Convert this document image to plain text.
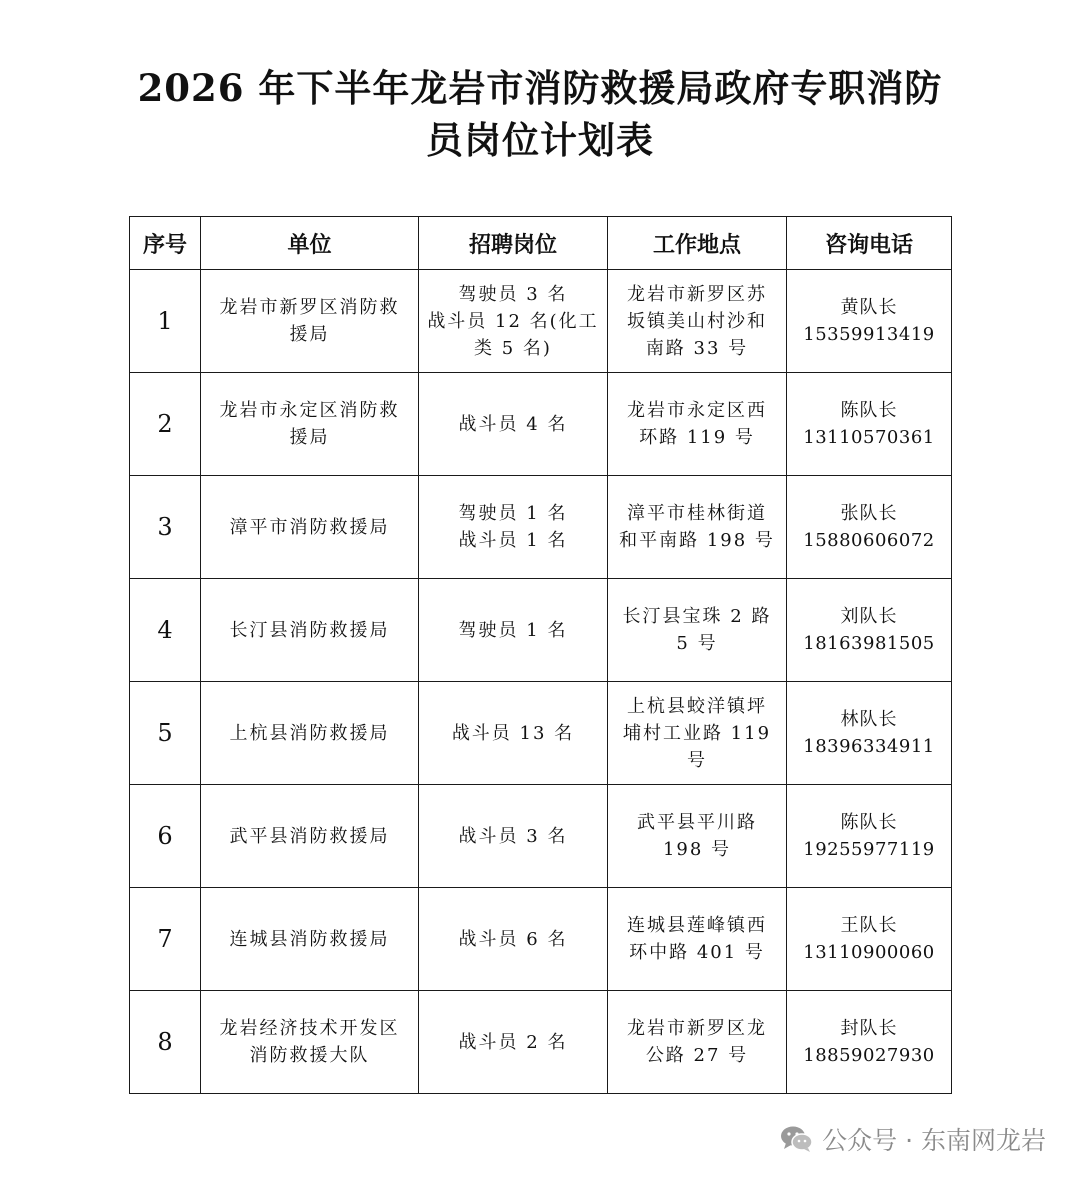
2026 年下半年龙岩市消防救援局政府专职消防
员岗位计划表
序号	单位	招聘岗位	工作地点	咨询电话
1	龙岩市新罗区消防救
援局	驾驶员 3 名
战斗员 12 名(化工
类 5 名)	龙岩市新罗区苏
坂镇美山村沙和
南路 33 号	黄队长
15359913419

2	龙岩市永定区消防救
援局	战斗员 4 名	龙岩市永定区西
环路 119 号	陈队长
13110570361

3	漳平市消防救援局	驾驶员 1 名
战斗员 1 名	漳平市桂林街道
和平南路 198 号	张队长
15880606072

4	长汀县消防救援局	驾驶员 1 名	长汀县宝珠 2 路
5 号	刘队长
18163981505

5	上杭县消防救援局	战斗员 13 名	上杭县蛟洋镇坪
埔村工业路 119
号	林队长
18396334911

6	武平县消防救援局	战斗员 3 名	武平县平川路
198 号	陈队长
19255977119

7	连城县消防救援局	战斗员 6 名	连城县莲峰镇西
环中路 401 号	王队长
13110900060

8	龙岩经济技术开发区
消防救援大队	战斗员 2 名	龙岩市新罗区龙
公路 27 号	封队长
18859027930
公众号 · 东南网龙岩
